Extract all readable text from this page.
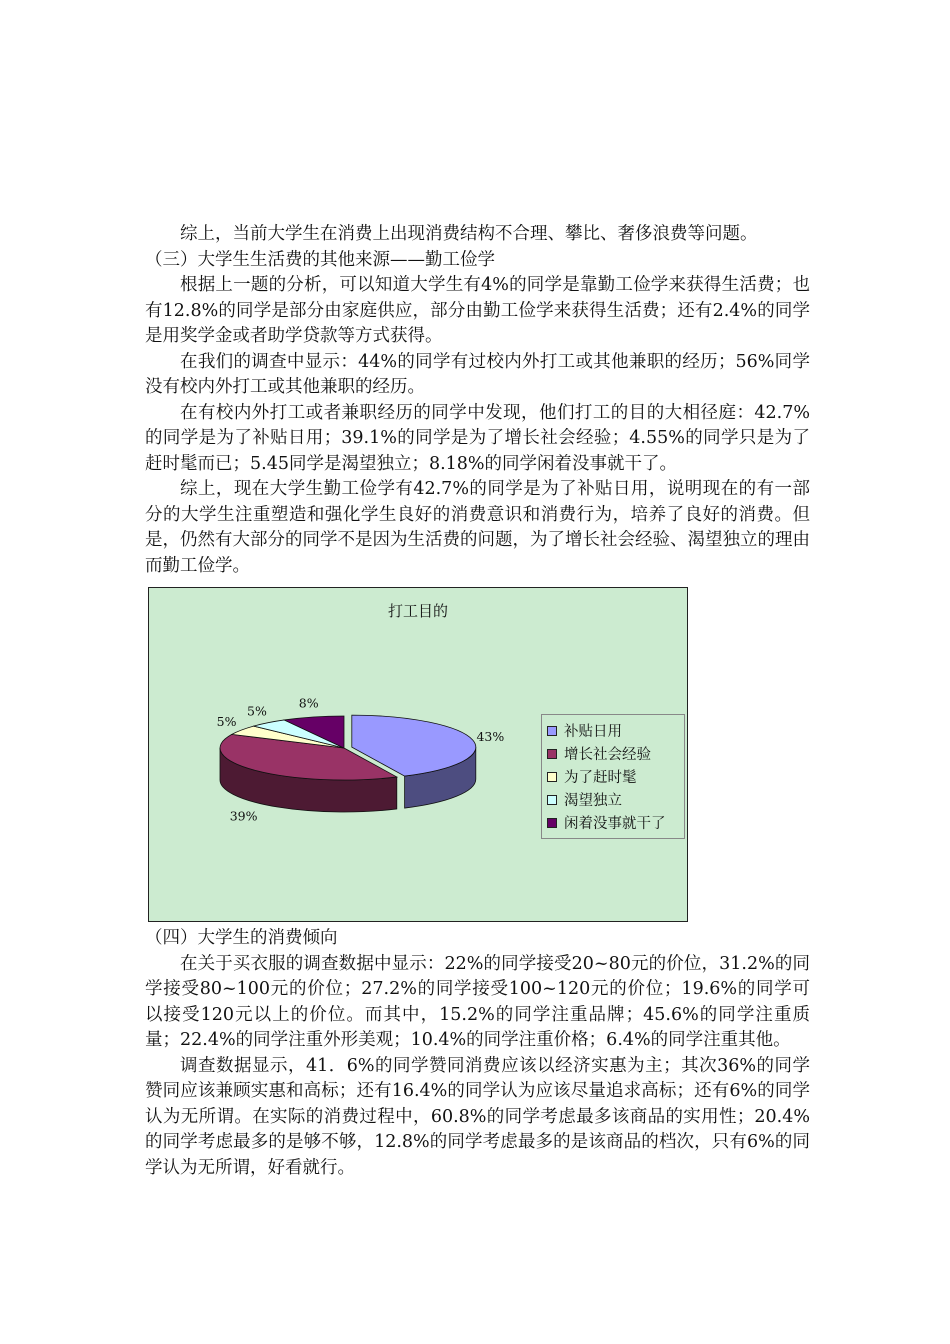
综上，当前大学生在消费上出现消费结构不合理、攀比、奢侈浪费等问题。

（三）大学生生活费的其他来源——勤工俭学

根据上一题的分析，可以知道大学生有4%的同学是靠勤工俭学来获得生活费；也有12.8%的同学是部分由家庭供应，部分由勤工俭学来获得生活费；还有2.4%的同学是用奖学金或者助学贷款等方式获得。

在我们的调查中显示：44%的同学有过校内外打工或其他兼职的经历；56%同学没有校内外打工或其他兼职的经历。

在有校内外打工或者兼职经历的同学中发现，他们打工的目的大相径庭：42.7%的同学是为了补贴日用；39.1%的同学是为了增长社会经验；4.55%的同学只是为了赶时髦而已；5.45同学是渴望独立；8.18%的同学闲着没事就干了。

综上，现在大学生勤工俭学有42.7%的同学是为了补贴日用，说明现在的有一部分的大学生注重塑造和强化学生良好的消费意识和消费行为，培养了良好的消费。但是，仍然有大部分的同学不是因为生活费的问题，为了增长社会经验、渴望独立的理由而勤工俭学。

打工目的
43%
39%
5%
5%
8%
补贴日用
增长社会经验
为了赶时髦
渴望独立
闲着没事就干了

（四）大学生的消费倾向

在关于买衣服的调查数据中显示：22%的同学接受20~80元的价位，31.2%的同学接受80~100元的价位；27.2%的同学接受100~120元的价位；19.6%的同学可以接受120元以上的价位。而其中，15.2%的同学注重品牌；45.6%的同学注重质量；22.4%的同学注重外形美观；10.4%的同学注重价格；6.4%的同学注重其他。

调查数据显示，41．6%的同学赞同消费应该以经济实惠为主；其次36%的同学赞同应该兼顾实惠和高标；还有16.4%的同学认为应该尽量追求高标；还有6%的同学认为无所谓。在实际的消费过程中，60.8%的同学考虑最多该商品的实用性；20.4%的同学考虑最多的是够不够，12.8%的同学考虑最多的是该商品的档次，只有6%的同学认为无所谓，好看就行。
